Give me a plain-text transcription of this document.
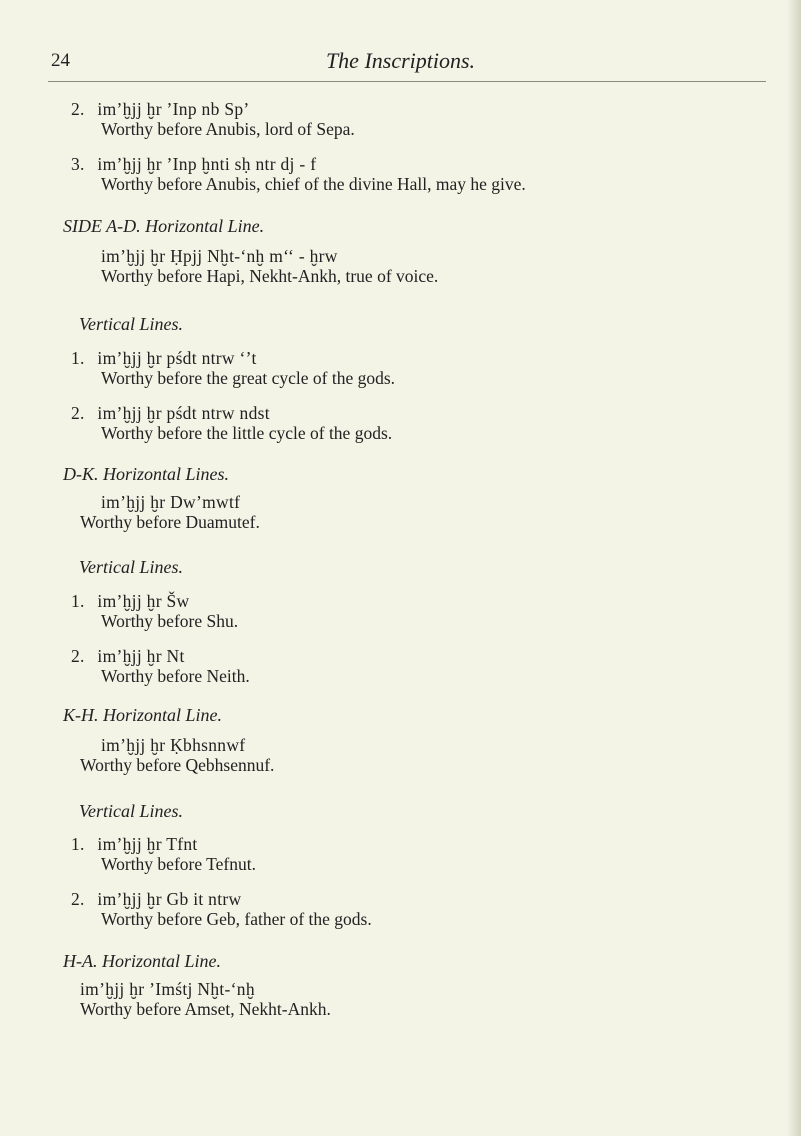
24	The Inscriptions.
2. im’ḫjj ḫr ’Inp nb Sp’
Worthy before Anubis, lord of Sepa.
3. im’ḫjj ḫr ’Inp ḫnti sḥ ntr dj - f
Worthy before Anubis, chief of the divine Hall, may he give.
SIDE A-D. Horizontal Line.
im’ḫjj ḫr Ḥpjj Nḫt-‘nḫ m‘‘ - ḫrw
Worthy before Hapi, Nekht-Ankh, true of voice.
Vertical Lines.
1. im’ḫjj ḫr pśdt ntrw ‘’t
Worthy before the great cycle of the gods.
2. im’ḫjj ḫr pśdt ntrw ndst
Worthy before the little cycle of the gods.
D-K. Horizontal Lines.
im’ḫjj ḫr Dw’mwtf
Worthy before Duamutef.
Vertical Lines.
1. im’ḫjj ḫr Šw
Worthy before Shu.
2. im’ḫjj ḫr Nt
Worthy before Neith.
K-H. Horizontal Line.
im’ḫjj ḫr Ḳbhsnnwf
Worthy before Qebhsennuf.
Vertical Lines.
1. im’ḫjj ḫr Tfnt
Worthy before Tefnut.
2. im’ḫjj ḫr Gb it ntrw
Worthy before Geb, father of the gods.
H-A. Horizontal Line.
im’ḫjj ḫr ’Imśtj Nḫt-‘nḫ
Worthy before Amset, Nekht-Ankh.
